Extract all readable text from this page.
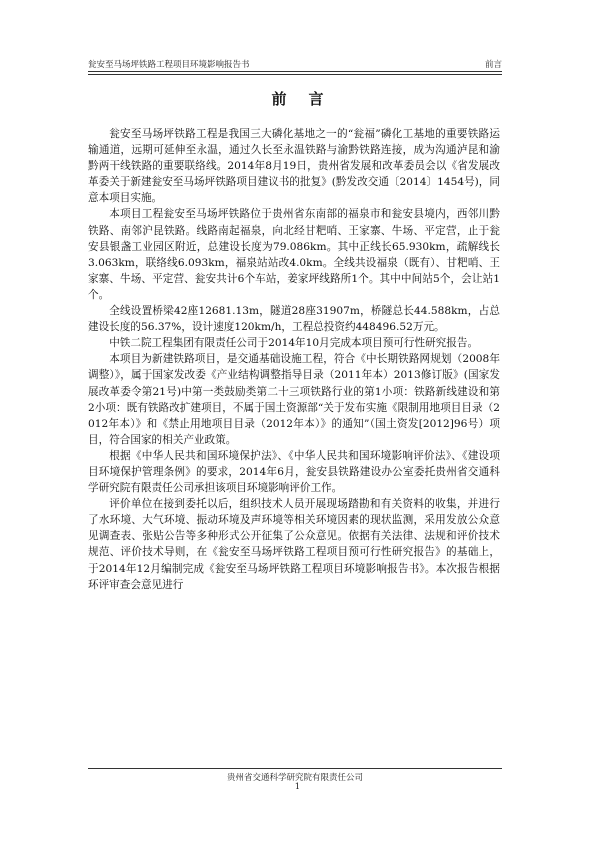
瓮安至马场坪铁路工程项目环境影响报告书	前言
前言

瓮安至马场坪铁路工程是我国三大磷化基地之一的“瓮福”磷化工基地的重要铁路运输通道，远期可延伸至永温，通过久长至永温铁路与渝黔铁路连接，成为沟通泸昆和渝黔两干线铁路的重要联络线。2014年8月19日，贵州省发展和改革委员会以《省发展改革委关于新建瓮安至马场坪铁路项目建议书的批复》(黔发改交通〔2014〕1454号)，同意本项目实施。

本项目工程瓮安至马场坪铁路位于贵州省东南部的福泉市和瓮安县境内，西邻川黔铁路、南邻沪昆铁路。线路南起福泉，向北经甘粑哨、王家寨、牛场、平定营，止于瓮安县银盏工业园区附近，总建设长度为79.086km。其中正线长65.930km，疏解线长3.063km，联络线6.093km，福泉站站改4.0km。全线共设福泉（既有）、甘粑哨、王家寨、牛场、平定营、瓮安共计6个车站，姜家坪线路所1个。其中中间站5个，会让站1个。

全线设置桥梁42座12681.13m，隧道28座31907m，桥隧总长44.588km，占总建设长度的56.37%，设计速度120km/h，工程总投资约448496.52万元。

中铁二院工程集团有限责任公司于2014年10月完成本项目预可行性研究报告。

本项目为新建铁路项目，是交通基础设施工程，符合《中长期铁路网规划（2008年调整）》，属于国家发改委《产业结构调整指导目录（2011年本）2013修订版》(国家发展改革委令第21号)中第一类鼓励类第二十三项铁路行业的第1小项：铁路新线建设和第2小项：既有铁路改扩建项目，不属于国土资源部“关于发布实施《限制用地项目目录（2012年本）》和《禁止用地项目目录（2012年本）》的通知”（国土资发[2012]96号）项目，符合国家的相关产业政策。

根据《中华人民共和国环境保护法》、《中华人民共和国环境影响评价法》、《建设项目环境保护管理条例》的要求，2014年6月，瓮安县铁路建设办公室委托贵州省交通科学研究院有限责任公司承担该项目环境影响评价工作。

评价单位在接到委托以后，组织技术人员开展现场踏勘和有关资料的收集，并进行了水环境、大气环境、振动环境及声环境等相关环境因素的现状监测，采用发放公众意见调查表、张贴公告等多种形式公开征集了公众意见。依据有关法律、法规和评价技术规范、评价技术导则，在《瓮安至马场坪铁路工程项目预可行性研究报告》的基础上，于2014年12月编制完成《瓮安至马场坪铁路工程项目环境影响报告书》。本次报告根据环评审查会意见进行

贵州省交通科学研究院有限责任公司
1
